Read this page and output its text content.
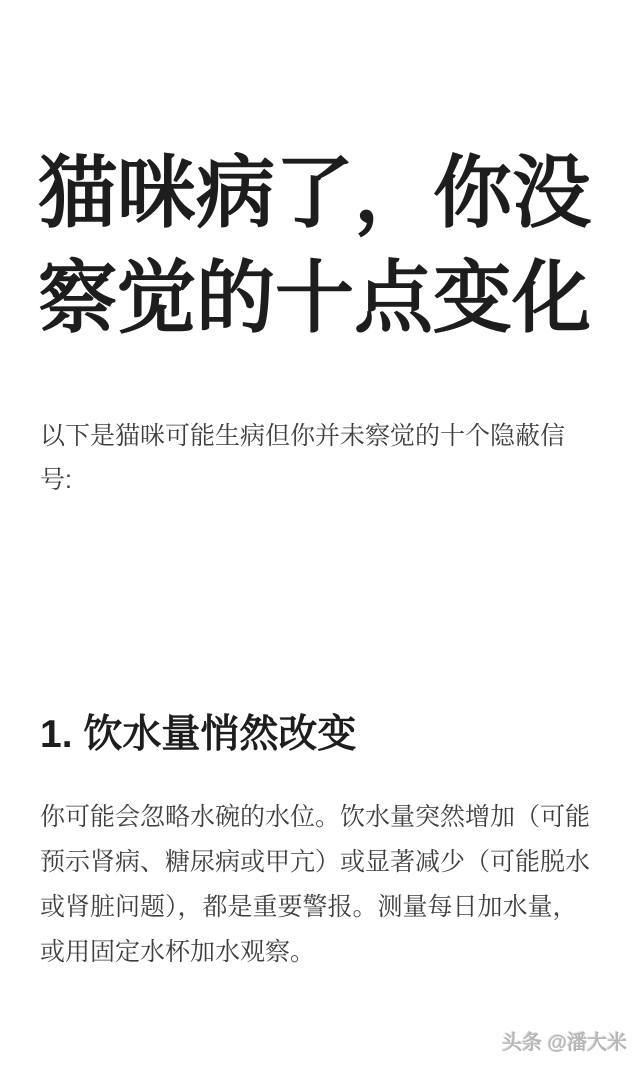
猫咪病了，你没
察觉的十点变化

以下是猫咪可能生病但你并未察觉的十个隐蔽信
号:

1. 饮水量悄然改变

你可能会忽略水碗的水位。饮水量突然增加（可能
预示肾病、糖尿病或甲亢）或显著减少（可能脱水
或肾脏问题），都是重要警报。测量每日加水量，
或用固定水杯加水观察。

头条 @潘大米
